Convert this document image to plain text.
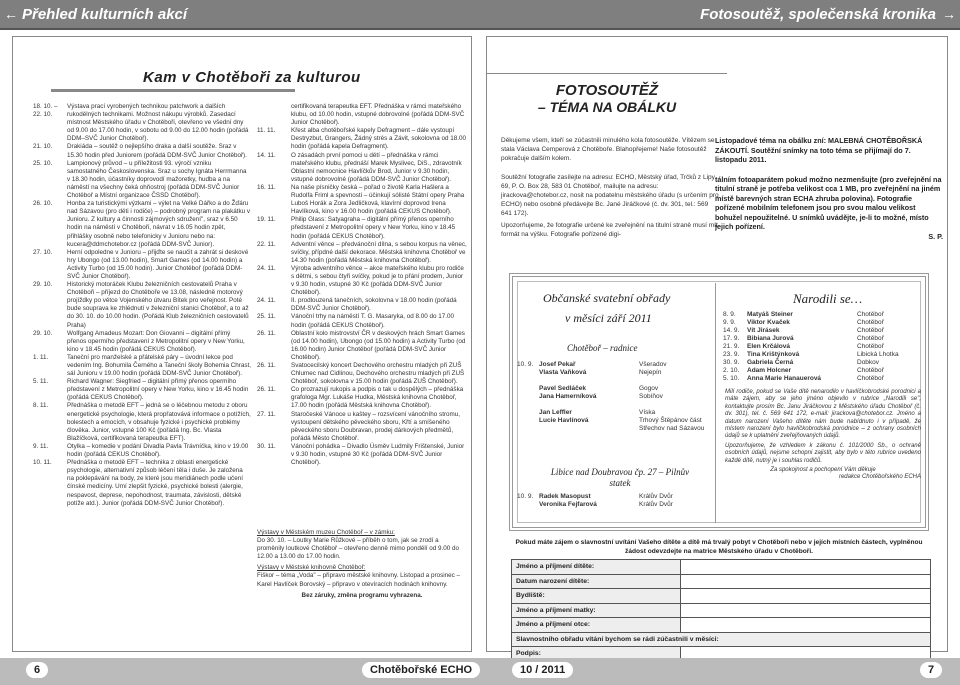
← Přehled kulturních akcí	Fotosoutěž, společenská kronika →
Kam v Chotěboři za kulturou
18. 10. – 22. 10.
Výstava prací vyrobených technikou patchwork a dalších rukodělných technikami. Možnost nákupu výrobků. Zasedací místnost Městského úřadu v Chotěboři, otevřeno ve všední dny od 9.00 do 17.00 hodin, v sobotu od 9.00 do 12.00 hodin (pořádá DDM–SVČ Junior Chotěboř).
21. 10.	Drakiáda – soutěž o nejlepšího draka a další soutěže. Sraz v 15.30 hodin před Juniorem (pořádá DDM-SVČ Junior Chotěboř).
25. 10.	Lampionový průvod – u příležitosti 93. výročí vzniku samostatného Československa. Sraz u sochy Ignáta Herrmanna v 18.30 hodin, účastníky doprovodí mažoretky, hudba a na náměstí na všechny čeká ohňostroj (pořádá DDM-SVČ Junior Chotěboř a Místní organizace ČSSD Chotěboř).
26. 10.	Honba za turistickými výzkami – výlet na Velké Dářko a do Žďáru nad Sázavou (pro děti i rodiče) – podrobný program na plakátku v Junioru. Z kultury a činnosti zájmových sdružení", sraz v 6.50 hodin na náměstí v Chotěboři, návrat v 16.05 hodin zpět, přihlášky osobně nebo telefonicky v Junioru nebo na: kucera@ddmchotebor.cz (pořádá DDM-SVČ Junior).
27. 10.	Herní odpoledne v Junioru – přijďte se naučit a zahrát si deskové hry Ubongo (od 13.00 hodin), Smart Games (od 14.00 hodin) a Activity Turbo (od 15.00 hodin). Junior Chotěboř (pořádá DDM-SVČ Junior Chotěboř).
29. 10.	Historický motoráček Klubu železničních cestovatelů Praha v Chotěboři – příjezd do Chotěboře ve 13.08, následně motorový projíždky po větce Vojenského útvaru Bítek pro veřejnost. Poté bude souprava ke zhlédnutí v železniční stanici Chotěboř, a to až do 30. 10. do 10.00 hodin. (Pořádá Klub železničních cestovatelů Praha)
29. 10.	Wolfgang Amadeus Mozart: Don Giovanni – digitální přímý přenos opermího představení z Metropolitní opery v New Yorku, kino v 18.45 hodin (pořádá CEKUS Chotěboř).
1. 11.	Taneční pro manželské a přátelské páry – úvodní lekce pod vedením Ing. Bohumila Černého a Taneční školy Bohemia Chrast, sál Junioru v 19.00 hodin (pořádá DDM-SVČ Junior Chotěboř).
5. 11.	Richard Wagner: Siegfried – digitální přímý přenos opermího představení z Metropolitní opery v New Yorku, kino v 16.45 hodin (pořádá CEKUS Chotěboř).
8. 11.	Přednáška o metodě EFT – jedná se o léčebnou metodu z oboru energetické psychologie, která propřatovává informace o potížích, bolestech a emocích, v obsahuje fyzické i psychické problémy člověka. Junior, vstupné 100 Kč (pořádá Ing. Bc. Vlasta Blažíčková, certifikovaná terapeutka EFT).
9. 11.	Otylka – komedie v podání Divadla Pavla Trávníčka, kino v 19.00 hodin (pořádá CEKUS Chotěboř).
10. 11.	Přednáška o metodě EFT – technika z oblasti energetické psychologie, alternativní způsob léčení těla i duše. Je založena na poklepávání na body, ze které jsou meridiánech podle učení čínské medicíny. Umí zlepšit fyzické, psychické bolesti (alergie, nespavost, deprese, nepohodnost, traumata, závislosti, dětské potíže atd.). Junior (pořádá DDM-SVČ Junior Chotěboř).
certifikovaná terapeutka EFT. Přednáška v rámci mateřského klubu, od 10.00 hodin, vstupné dobrovolné (pořádá DDM-SVČ Junior Chotěboř).
11. 11.	Křest alba chotěbořské kapely Defragment – dále vystoupí Destryzbut, Grangers, Žádný strés a Závit, sokolovna od 18.00 hodin (pořádá kapela Defragment).
14. 11.	O zásadách první pomoci u dětí – přednáška v rámci mateřského klubu, přednáší Marek Myslivec, DiS., zdravotník Oblastní nemocnice Havlíčkův Brod, Junior v 9.30 hodin, vstupné dobrovolné (pořádá DDM-SVČ Junior Chotěboř).
16. 11.	Na naše písničky česká – pořad o životě Karla Hašlera a Rudolfa Friml a spevnosti – účinkují sólisté Státní opery Praha Luboš Horák a Zora Jedličková, klavírní doprovod Irena Havlíková, kino v 16.00 hodin (pořádá CEKUS Chotěboř).
19. 11.	Philip Glass: Satyagraha – digitální přímý přenos operního představení z Metropolitní opery v New Yorku, kino v 18.45 hodin (pořádá CEKUS Chotěboř).
22. 11.	Adventní věnce – předvánoční dílna, s sebou korpus na věnec, svíčky, přípdné další dekorace. Městská knihovna Chotěboř ve 14.30 hodin (pořádá Městská knihovna Chotěboř).
24. 11.	Výroba adventního věnce – akce mateřského klubu pro rodiče s dětmi, s sebou čtyři svíčky, pokud je to přání prodem, Junior v 9.30 hodin, vstupné 30 Kč (pořádá DDM-SVČ Junior Chotěboř).
24. 11.	II. prodlouzená tanečních, sokolovna v 18.00 hodin (pořádá DDM-SVČ Junior Chotěboř).
25. 11.	Vánoční trhy na náměstí T. G. Masaryka, od 8.00 do 17.00 hodin (pořádá CEKUS Chotěboř).
26. 11.	Oblastní kolo mistrovství ČR v deskových hrách Smart Games (od 14.00 hodin), Ubongo (od 15.00 hodin) a Activity Turbo (od 16.00 hodin) Junior Chotěboř (pořádá DDM-SVČ Junior Chotěboř).
26. 11.	Svatocecilský koncert Dechového orchestru mladých při ZUŠ Chlumec nad Cidlinou, Dechového orchestru mladých při ZUŠ Chotěboř, sokolovna v 15.00 hodin (pořádá ZUŠ Chotěboř).
26. 11.	Co prozrazují rukopis a podpis o tak u dospělých – přednáška grafologa Mgr. Lukáše Hudka, Městská knihovna Chotěboř, 17.00 hodin (pořádá Městská knihovna Chotěboř).
27. 11.	Staročeské Vánoce u kaštey – rozsvícení vánočního stromu, vystoupení dětského pěveckého sboru, Křtí a smíšeného pěveckého sboru Doubravan, prodej dárkových předmětů, pořádá Město Chotěboř.
30. 11.	Vánoční pohádka – Divadlo Úsměv Ludmily Frištenské, Junior v 9.30 hodin, vstupné 30 Kč (pořádá DDM-SVČ Junior Chotěboř).
Výstavy v Městském muzeu Chotěboř – v zámku:
Do 30. 10. – Loutky Marie Růžkové – příběh o tom, jak se zrodí a proměnily loutkové Chotěboř – otevřeno denně mimo pondělí od 9.00 do 12.00 a 13.00 do 17.00 hodin.
Výstavy v Městské knihovně Chotěboř:
Fiškor – téma „Voda" – připravo městské knihovny. Listopad a prosinec – Karel Havlíček Borovský – připravo v otevíracích hodinách knihovny.
Bez záruky, změna programu vyhrazena.
FOTOSOUTĚŽ
– TÉMA NA OBÁLKU

Děkujeme všem, kteří se zúčastnili minulého kola fotosoutěže. Vítězem se stala Václava Cemperová z Chotěboře. Blahopřejeme! Naše fotosoutěž pokračuje dalším kolem.

Soutěžní fotografie zasílejte na adresu: ECHO, Městský úřad, Trčků z Lipy 69, P. O. Box 28, 583 01 Chotěboř, mailujte na adresu: jirackova@chotebor.cz, nosit na podatelnu městského úřadu (s určením pro ECHO) nebo osobně předávejte Bc. Jané Jiráčkové (č. dv. 301, tel.: 569 641 172).

Upozorňujeme, že fotografie určené ke zveřejnění na titulní straně musí mít formát na výšku. Fotografie pořízené digi-

Listopadové téma na obálku zní: MALEBNÁ CHOTĚBOŘSKÁ ZÁKOUTÍ. Soutěžní snímky na toto téma se přijímají do 7. listopadu 2011.

tálním fotoaparátem pokud možno nezmenšujte (pro zveřejnění na titulní straně je potřeba velikost cca 1 MB, pro zveřejnění na jiném místě barevných stran ECHA zhruba polovina). Fotografie pořízené mobilním telefonem jsou pro svou malou velikost bohužel nepoužitelné. U snímků uvádějte, je-li to možné, místo jejich pořízení.

S. P.

Občanské svatební obřady
v měsíci září 2011
Chotěboř – radnice
10. 9. Josef Pekař	Všeradov
Vlasta Vaňková	Nejepín
Pavel Sedláček	Gogov
Jana Hamerníková	Sobíňov
Jan Leffler	Víska
Lucie Havlínová	Trhový Štěpánov část Střechov nad Sázavou
Libice nad Doubravou čp. 27 – Pilnův statek
10. 9. Radek Masopust	Králův Dvůr
Veronika Fejfarová	Králův Dvůr
Narodili se…
8. 9.	Matyáš Steiner	Chotěboř
9. 9.	Viktor Kvaček	Chotěboř
14. 9.	Vít Jirásek	Chotěboř
17. 9.	Bibiana Jurová	Chotěboř
21. 9.	Elen Krčálová	Chotěboř
23. 9.	Tina Krištýnková	Libická Lhotka
30. 9.	Gabriela Černá	Dobkov
2. 10.	Adam Holcner	Chotěboř
5. 10.	Anna Marie Hanauerová	Chotěboř

Milí rodiče, pokud se Vaše dítě nenarodilo v havlíčkobrodské porodnici a máte zájem, aby se jeho jméno objevilo v rubrice „Narodili se", kontaktujte prosím Bc. Janu Jiráčkovou z Městského úřadu Chotěboř (č. dv. 301), tel. č. 569 641 172, e-mail: jirackova@chotebor.cz. Jméno a datum narození Vašeho dítěte nám bude nabídnuto i v případě, že místem narození bylo havlíčkobrodská porodnice – z ochrany osobních údajů se k uplatnění zveřejňovaných údajů.

Upozorňujeme, že vzhledem k zákonu č. 101/2000 Sb., o ochraně osobních údajů, nejsme schopni zajistit, aby bylo v této rubrice uvedeno každé dítě, nutný je i souhlas rodičů.

Za spokojnost a pochopení Vám děkuje

redakce Chotěbořského ECHA

Pokud máte zájem o slavnostní uvítání Vašeho dítěte a dítě má trvalý pobyt v Chotěboři nebo v jejích místních částech, vyplněnou žádost odevzdejte na matrice Městského úřadu v Chotěboři.
Jméno a příjmení dítěte:	
Datum narození dítěte:	
Bydliště:	
Jméno a příjmení matky:	
Jméno a příjmení otce:	
Slavnostního obřadu vítání bychom se rádi zúčastnili v měsíci:	
Podpis:	
6	Chotěbořské ECHO	10 / 2011	7
